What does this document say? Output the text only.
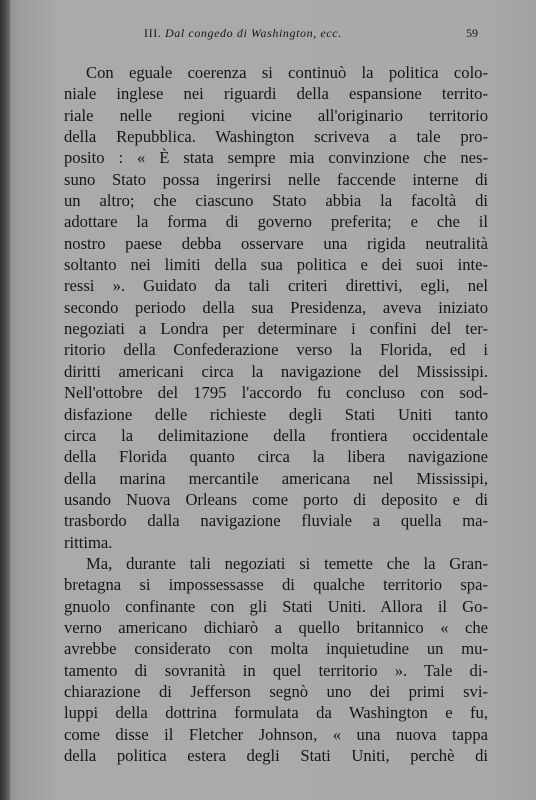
III. Dal congedo di Washington, ecc.	59
Con eguale coerenza si continuò la politica colo-
niale inglese nei riguardi della espansione territo-
riale nelle regioni vicine all'originario territorio
della Repubblica. Washington scriveva a tale pro-
posito : « È stata sempre mia convinzione che nes-
suno Stato possa ingerirsi nelle faccende interne di
un altro; che ciascuno Stato abbia la facoltà di
adottare la forma di governo preferita; e che il
nostro paese debba osservare una rigida neutralità
soltanto nei limiti della sua politica e dei suoi inte-
ressi ». Guidato da tali criteri direttivi, egli, nel
secondo periodo della sua Presidenza, aveva iniziato
negoziati a Londra per determinare i confini del ter-
ritorio della Confederazione verso la Florida, ed i
diritti americani circa la navigazione del Mississipi.
Nell'ottobre del 1795 l'accordo fu concluso con sod-
disfazione delle richieste degli Stati Uniti tanto
circa la delimitazione della frontiera occidentale
della Florida quanto circa la libera navigazione
della marina mercantile americana nel Mississipi,
usando Nuova Orleans come porto di deposito e di
trasbordo dalla navigazione fluviale a quella ma-
rittima.
Ma, durante tali negoziati si temette che la Gran-
bretagna si impossessasse di qualche territorio spa-
gnuolo confinante con gli Stati Uniti. Allora il Go-
verno americano dichiarò a quello britannico « che
avrebbe considerato con molta inquietudine un mu-
tamento di sovranità in quel territorio ». Tale di-
chiarazione di Jefferson segnò uno dei primi svi-
luppi della dottrina formulata da Washington e fu,
come disse il Fletcher Johnson, « una nuova tappa
della politica estera degli Stati Uniti, perchè di
